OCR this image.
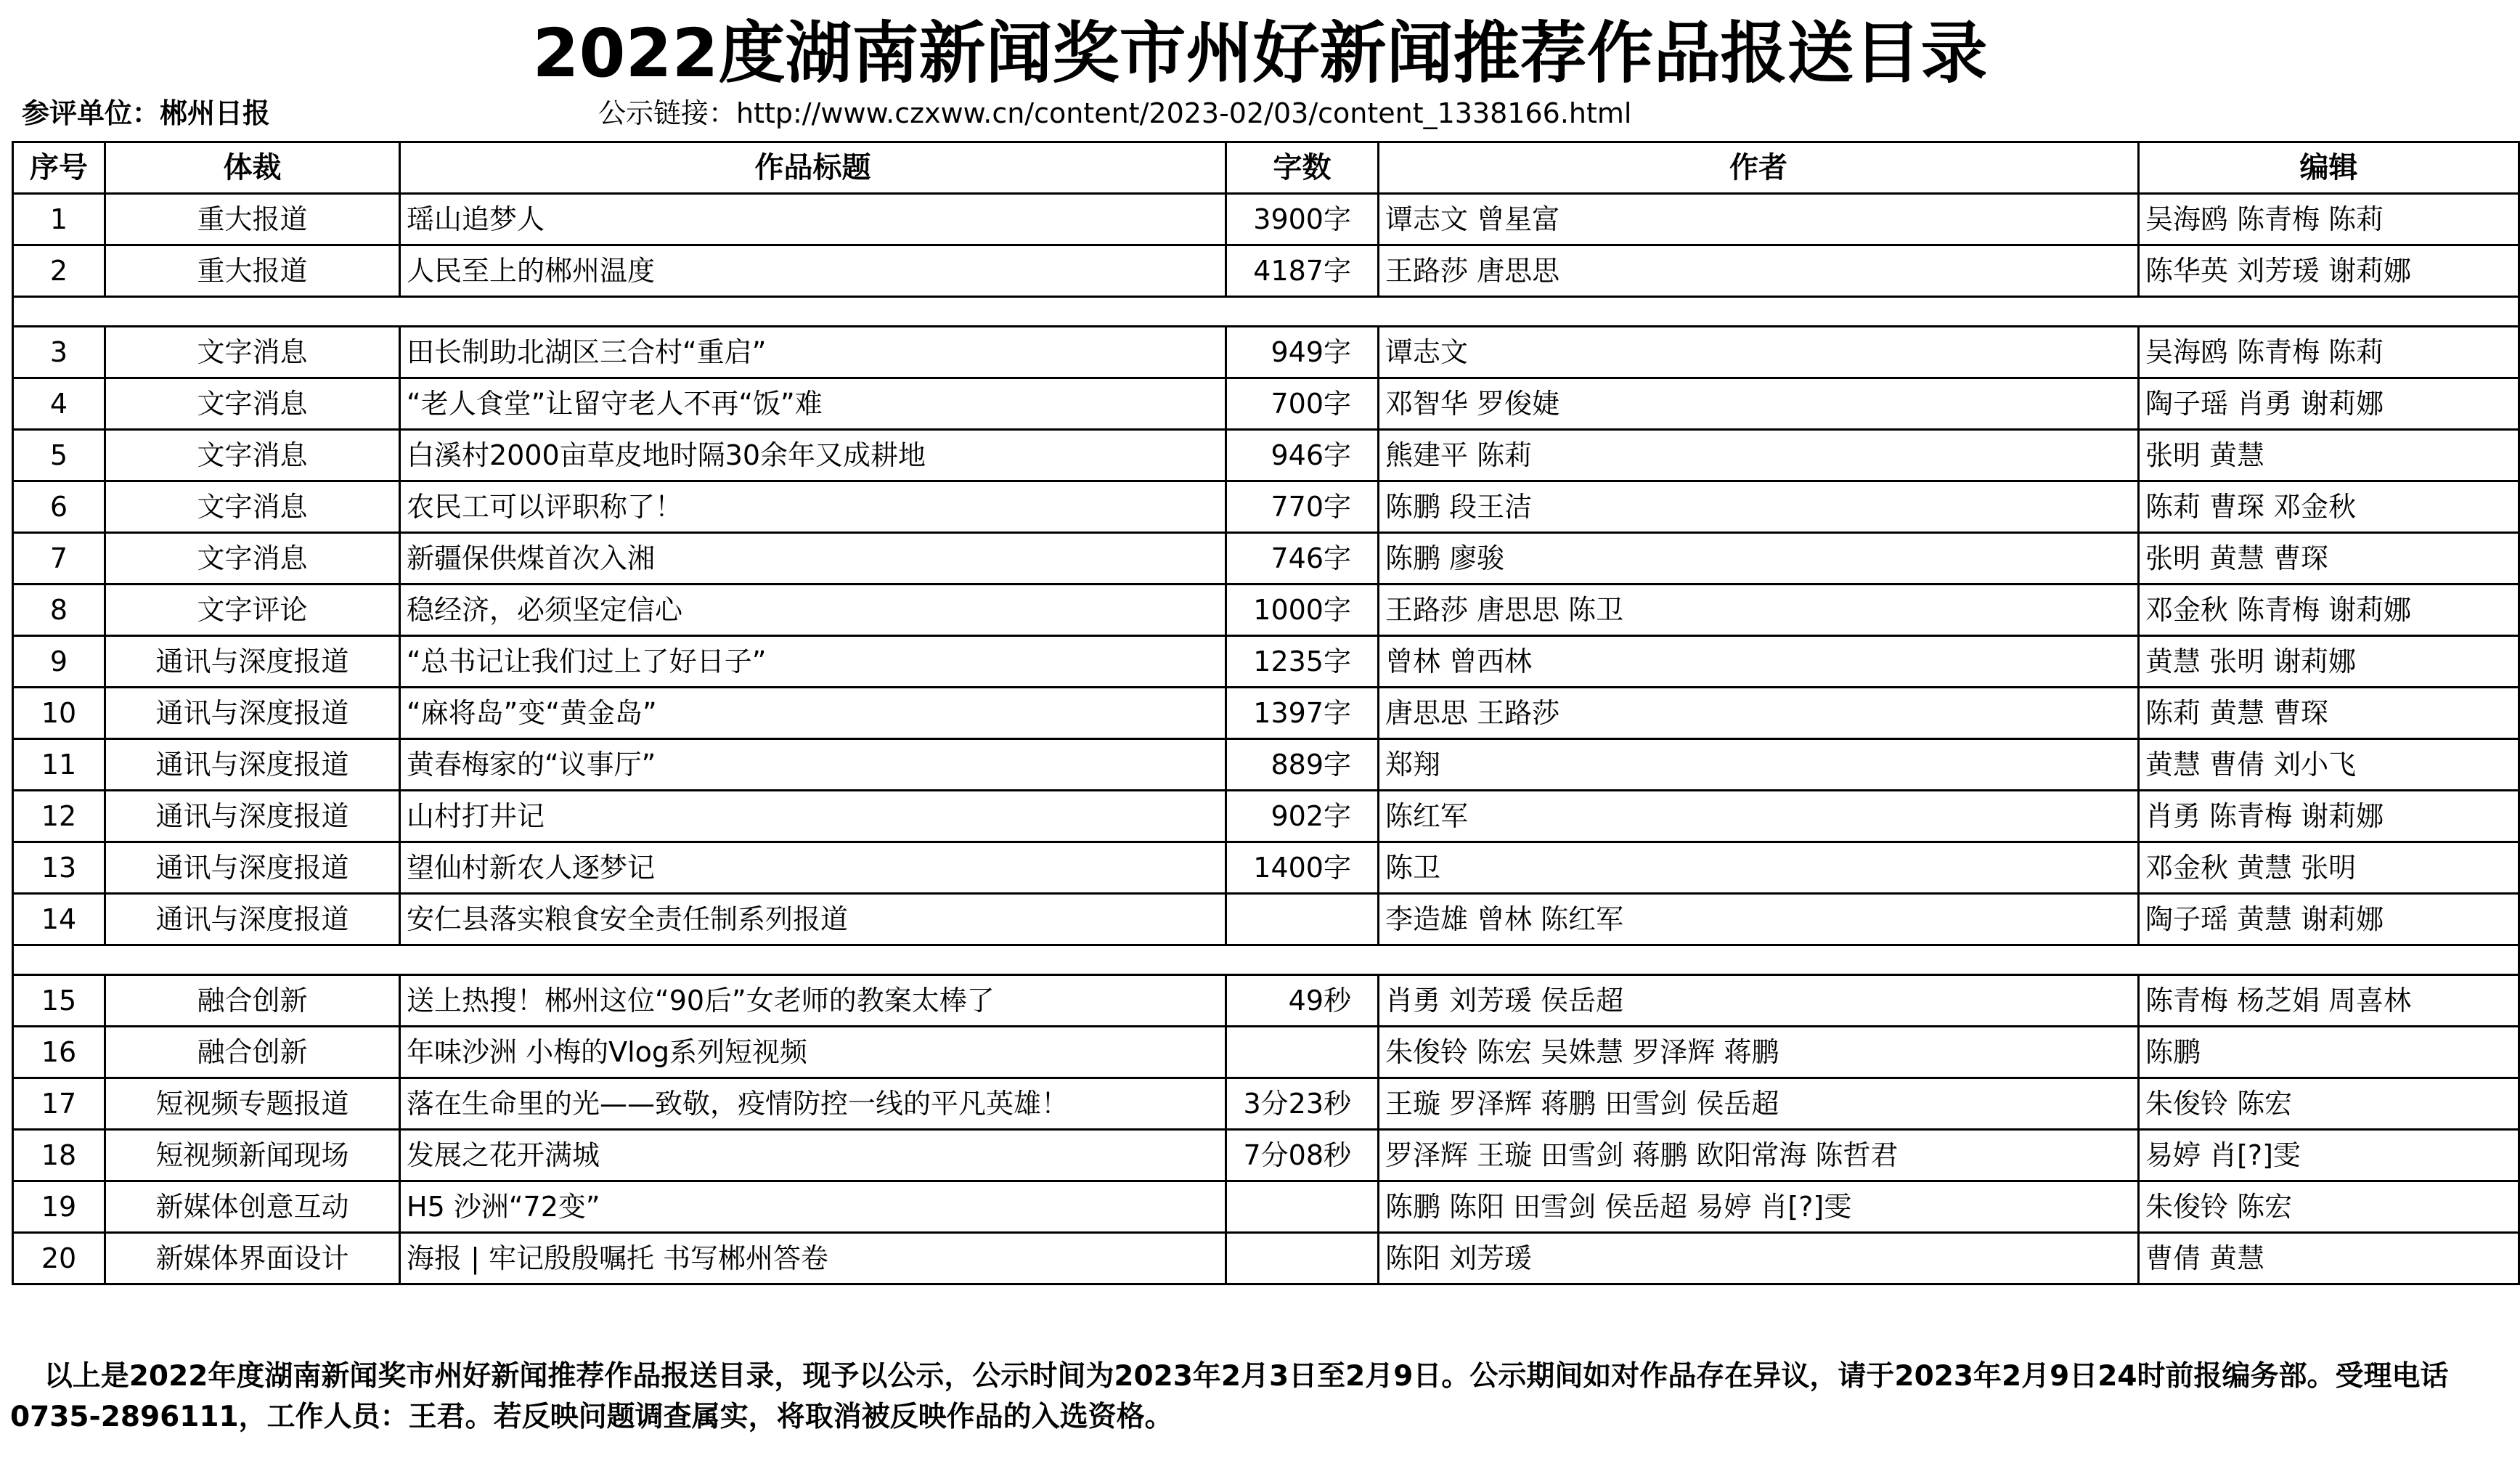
2022度湖南新闻奖市州好新闻推荐作品报送目录
参评单位：郴州日报	公示链接：http://www.czxww.cn/content/2023-02/03/content_1338166.html
序号	体裁	作品标题	字数	作者	编辑
1	重大报道	瑶山追梦人	3900字	谭志文 曾星富	吴海鸥 陈青梅 陈莉
2	重大报道	人民至上的郴州温度	4187字	王路莎 唐思思	陈华英 刘芳瑗 谢莉娜

3	文字消息	田长制助北湖区三合村“重启”	949字	谭志文	吴海鸥 陈青梅 陈莉
4	文字消息	“老人食堂”让留守老人不再“饭”难	700字	邓智华 罗俊婕	陶子瑶 肖勇 谢莉娜
5	文字消息	白溪村2000亩草皮地时隔30余年又成耕地	946字	熊建平 陈莉	张明 黄慧
6	文字消息	农民工可以评职称了！	770字	陈鹏 段王洁	陈莉 曹琛 邓金秋
7	文字消息	新疆保供煤首次入湘	746字	陈鹏 廖骏	张明 黄慧 曹琛
8	文字评论	稳经济，必须坚定信心	1000字	王路莎 唐思思 陈卫	邓金秋 陈青梅 谢莉娜
9	通讯与深度报道	“总书记让我们过上了好日子”	1235字	曾林 曾西林	黄慧 张明 谢莉娜
10	通讯与深度报道	“麻将岛”变“黄金岛”	1397字	唐思思 王路莎	陈莉 黄慧 曹琛
11	通讯与深度报道	黄春梅家的“议事厅”	889字	郑翔	黄慧 曹倩 刘小飞
12	通讯与深度报道	山村打井记	902字	陈红军	肖勇 陈青梅 谢莉娜
13	通讯与深度报道	望仙村新农人逐梦记	1400字	陈卫	邓金秋 黄慧 张明
14	通讯与深度报道	安仁县落实粮食安全责任制系列报道		李造雄 曾林 陈红军	陶子瑶 黄慧 谢莉娜

15	融合创新	送上热搜！郴州这位“90后”女老师的教案太棒了	49秒	肖勇 刘芳瑗 侯岳超	陈青梅 杨芝娟 周喜林
16	融合创新	年味沙洲 小梅的Vlog系列短视频		朱俊铃 陈宏 吴姝慧 罗泽辉 蒋鹏	陈鹏
17	短视频专题报道	落在生命里的光——致敬，疫情防控一线的平凡英雄！	3分23秒	王璇 罗泽辉 蒋鹏 田雪剑 侯岳超	朱俊铃 陈宏
18	短视频新闻现场	发展之花开满城	7分08秒	罗泽辉 王璇 田雪剑 蒋鹏 欧阳常海 陈哲君	易婷 肖[?]雯
19	新媒体创意互动	H5 沙洲“72变”		陈鹏 陈阳 田雪剑 侯岳超 易婷 肖[?]雯	朱俊铃 陈宏
20	新媒体界面设计	海报 | 牢记殷殷嘱托 书写郴州答卷		陈阳 刘芳瑗	曹倩 黄慧
以上是2022年度湖南新闻奖市州好新闻推荐作品报送目录，现予以公示，公示时间为2023年2月3日至2月9日。公示期间如对作品存在异议，请于2023年2月9日24时前报编务部。受理电话0735-2896111，工作人员：王君。若反映问题调查属实，将取消被反映作品的入选资格。
